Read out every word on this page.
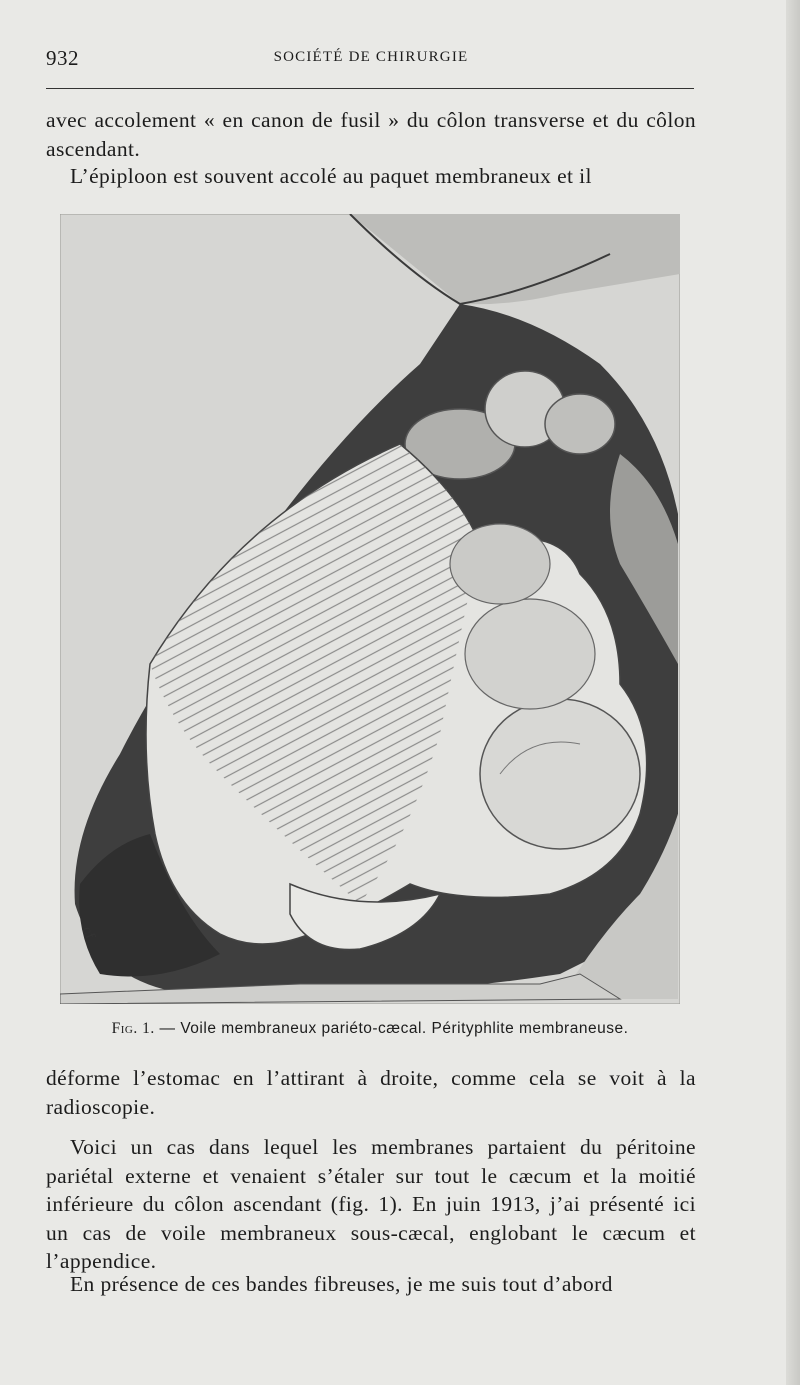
932	SOCIÉTÉ DE CHIRURGIE

avec accolement « en canon de fusil » du côlon transverse et du côlon ascendant.

L’épiploon est souvent accolé au paquet membraneux et il

cf
Fig. 1. — Voile membraneux pariéto-cæcal. Pérityphlite membraneuse.

déforme l’estomac en l’attirant à droite, comme cela se voit à la radioscopie.

Voici un cas dans lequel les membranes partaient du péritoine pariétal externe et venaient s’étaler sur tout le cæcum et la moitié inférieure du côlon ascendant (fig. 1). En juin 1913, j’ai présenté ici un cas de voile membraneux sous-cæcal, englobant le cæcum et l’appendice.

En présence de ces bandes fibreuses, je me suis tout d’abord
